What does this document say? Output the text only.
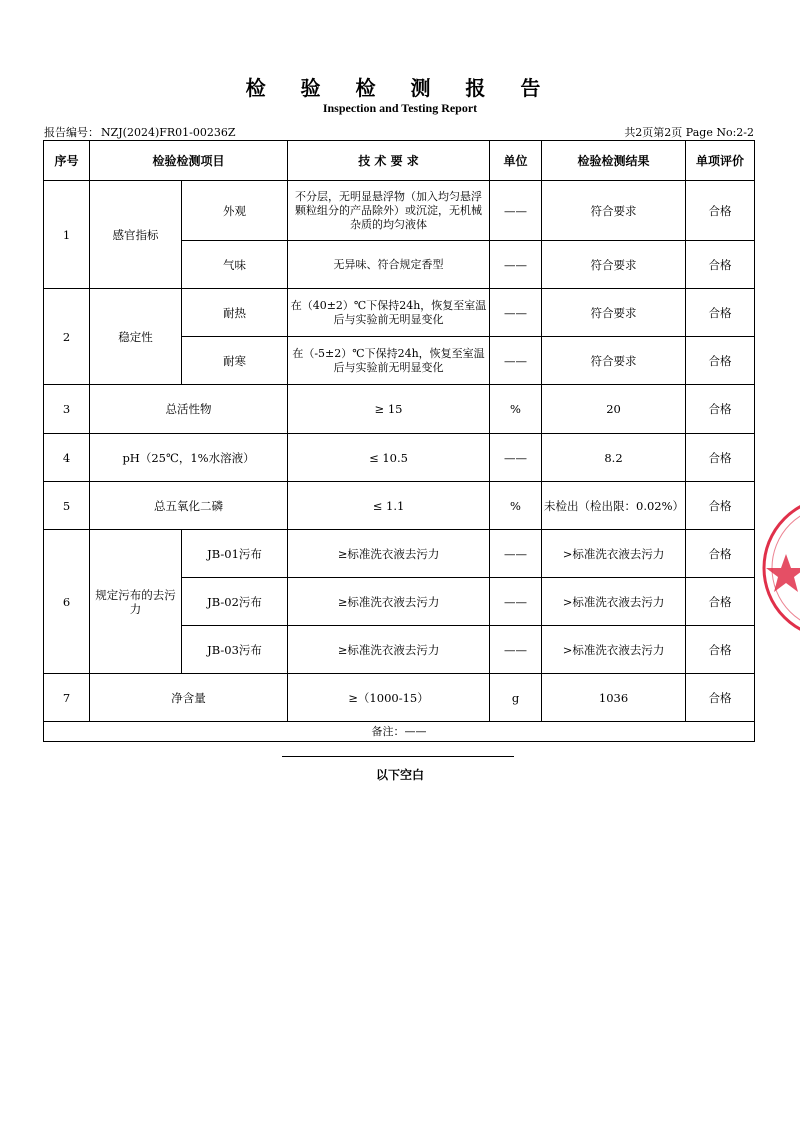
检 验 检 测 报 告
Inspection and Testing Report
报告编号： NZJ(2024)FR01-00236Z	共2页第2页 Page No:2-2
序号	检验检测项目		技 术 要 求	单位	检验检测结果	单项评价
1	感官指标	外观	不分层，无明显悬浮物（加入均匀悬浮颗粒组分的产品除外）或沉淀，无机械杂质的均匀液体	——	符合要求	合格
		气味	无异味、符合规定香型	——	符合要求	合格
2	稳定性	耐热	在（40±2）℃下保持24h，恢复至室温后与实验前无明显变化	——	符合要求	合格
		耐寒	在（-5±2）℃下保持24h，恢复至室温后与实验前无明显变化	——	符合要求	合格
3	总活性物		≥ 15	%	20	合格
4	pH（25℃，1%水溶液）		≤ 10.5	——	8.2	合格
5	总五氧化二磷		≤ 1.1	%	未检出（检出限：0.02%）	合格
6	规定污布的去污力	JB-01污布	≥标准洗衣液去污力	——	>标准洗衣液去污力	合格
		JB-02污布	≥标准洗衣液去污力	——	>标准洗衣液去污力	合格
		JB-03污布	≥标准洗衣液去污力	——	>标准洗衣液去污力	合格
7	净含量		≥（1000-15）	g	1036	合格
备注：——						
以下空白
